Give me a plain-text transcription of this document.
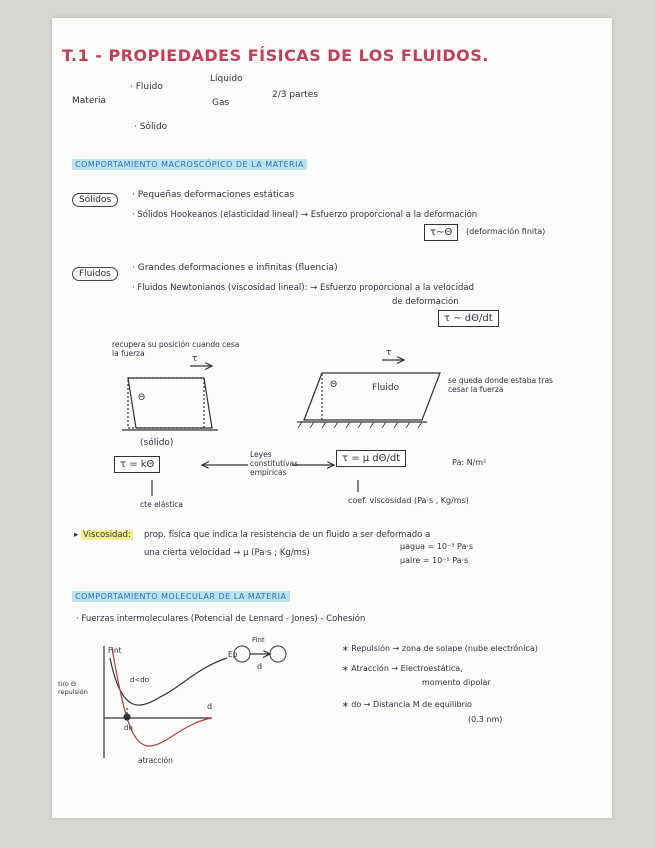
T.1 - PROPIEDADES FÍSICAS DE LOS FLUIDOS.
Materia
· Fluido
Líquido
Gas
· Sólido
2/3 partes
COMPORTAMIENTO MACROSCÓPICO DE LA MATERIA
Sólidos	· Pequeñas deformaciones estáticas
· Sólidos Hookeanos (elasticidad lineal) → Esfuerzo proporcional a la deformación
τ∼Θ	(deformación finita)
Fluidos
· Grandes deformaciones e infinitas (fluencia)
· Fluidos Newtonianos (viscosidad lineal): → Esfuerzo proporcional a la velocidad
de deformación
τ ∼ dΘ/dt
recupera su posición cuando cesa la fuerza
τ
Θ
(sólido)
τ
Θ	Fluido
se queda donde estaba tras cesar la fuerza
τ = kΘ
Leyes constitutivas empíricas
τ = μ dΘ/dt	Pa: N/m²
cte elástica	coef. viscosidad (Pa·s , Kg/ms)
▸ Viscosidad: prop. física que indica la resistencia de un fluido a ser deformado a
una cierta velocidad → μ (Pa·s ; Kg/ms)
μagua = 10⁻³ Pa·s
μaire = 10⁻⁵ Pa·s
COMPORTAMIENTO MOLECULAR DE LA MATERIA
· Fuerzas intermoleculares (Potencial de Lennard - Jones) - Cohesión
Fint
d
∗ Repulsión → zona de solape (nube electrónica)
∗ Atracción → Electroestática,
momento dipolar
∗ do → Distancia M de equilibrio
(0.3 nm)
Fint	Ep
d
d<do
do
tiro Θ repulsión
atracción
